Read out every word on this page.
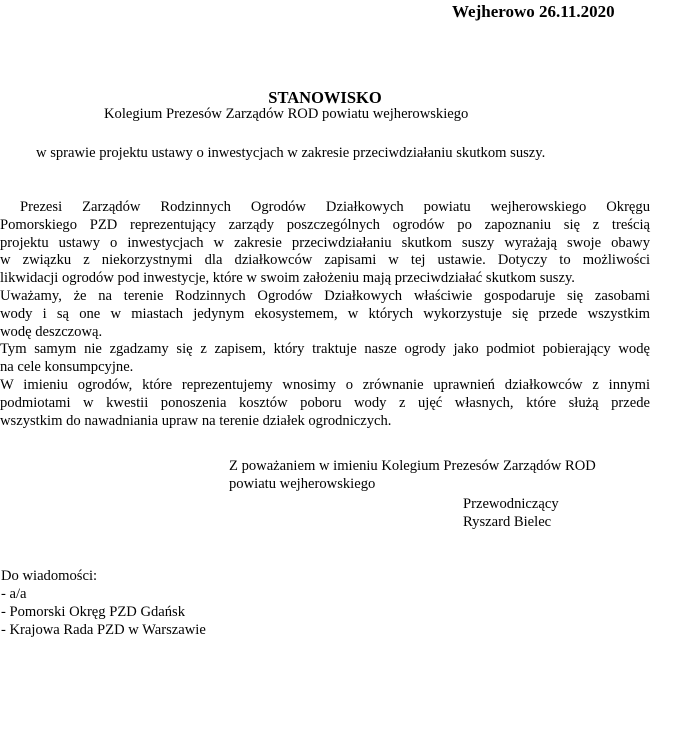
Wejherowo 26.11.2020
STANOWISKO
Kolegium Prezesów Zarządów ROD powiatu wejherowskiego
w sprawie projektu ustawy o inwestycjach w zakresie przeciwdziałaniu skutkom suszy.
Prezesi Zarządów Rodzinnych Ogrodów Działkowych powiatu wejherowskiego Okręgu
Pomorskiego PZD reprezentujący zarządy poszczególnych ogrodów po zapoznaniu się z treścią
projektu ustawy o inwestycjach w zakresie przeciwdziałaniu skutkom suszy wyrażają swoje obawy
w związku z niekorzystnymi dla działkowców zapisami w tej ustawie. Dotyczy to możliwości
likwidacji ogrodów pod inwestycje, które w swoim założeniu mają przeciwdziałać skutkom suszy.
Uważamy, że na terenie Rodzinnych Ogrodów Działkowych właściwie gospodaruje się zasobami
wody i są one w miastach jedynym ekosystemem, w których wykorzystuje się przede wszystkim
wodę deszczową.
Tym samym nie zgadzamy się z zapisem, który traktuje nasze ogrody jako podmiot pobierający wodę
na cele konsumpcyjne.
W imieniu ogrodów, które reprezentujemy wnosimy o zrównanie uprawnień działkowców z innymi
podmiotami w kwestii ponoszenia kosztów poboru wody z ujęć własnych, które służą przede
wszystkim do nawadniania upraw na terenie działek ogrodniczych.
Z poważaniem w imieniu Kolegium Prezesów Zarządów ROD
powiatu wejherowskiego
Przewodniczący
Ryszard Bielec
Do wiadomości:
- a/a
- Pomorski Okręg PZD Gdańsk
- Krajowa Rada PZD w Warszawie
